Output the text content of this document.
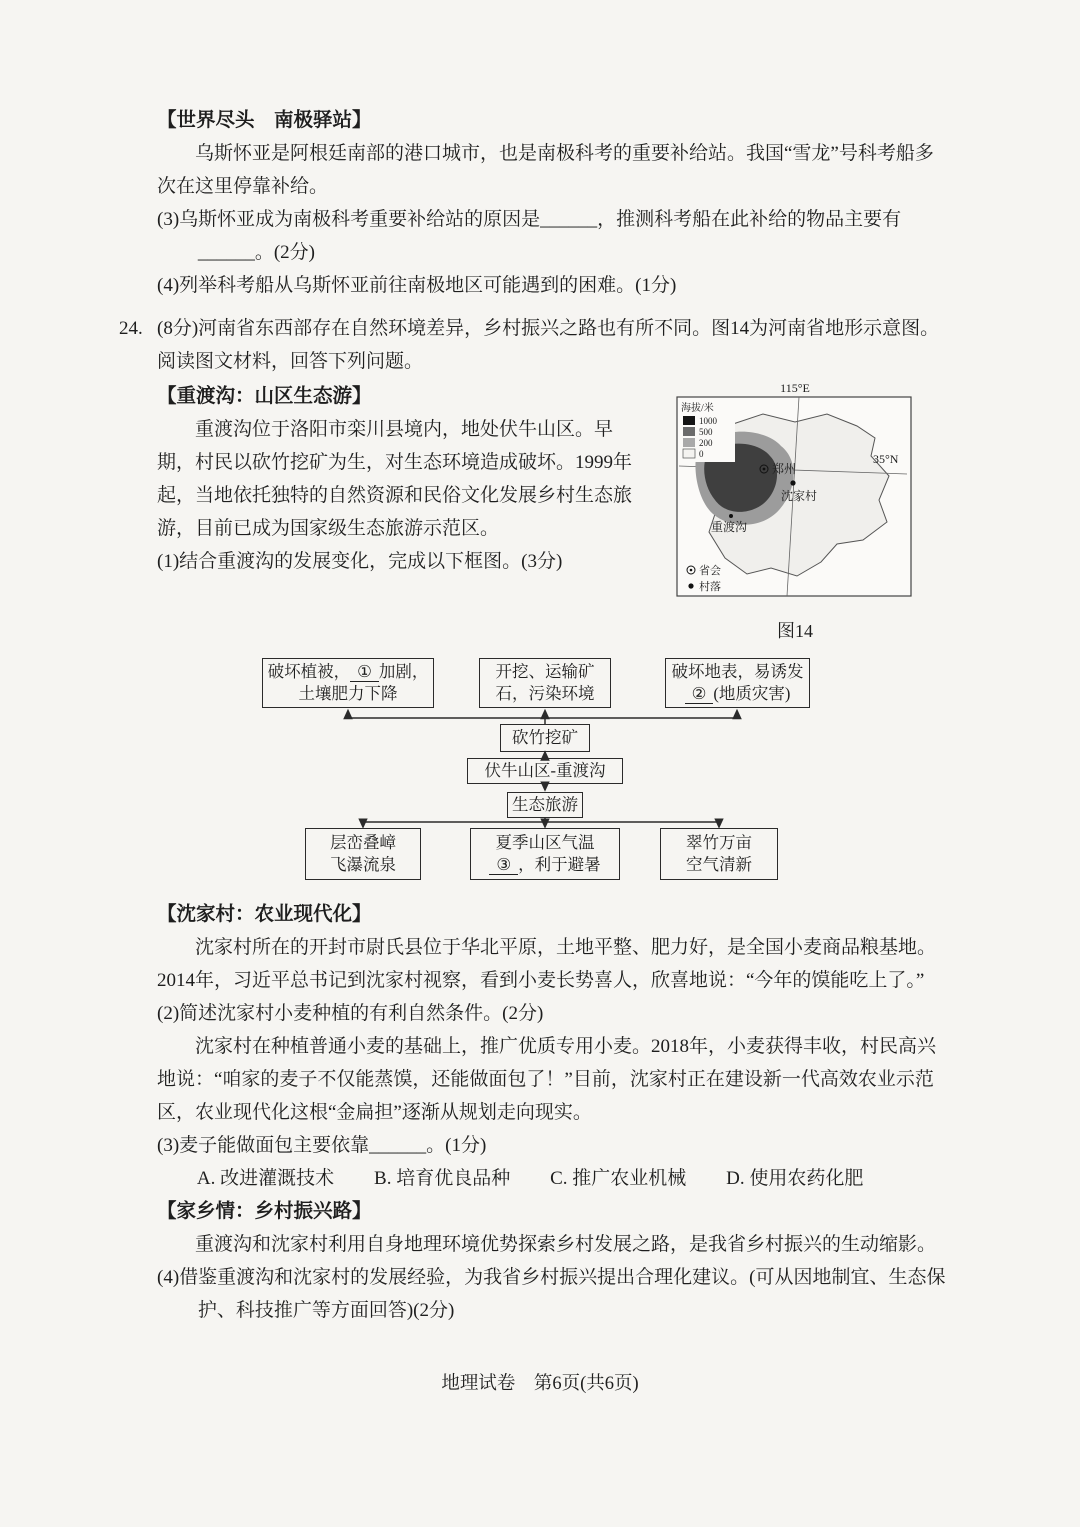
【世界尽头　南极驿站】

乌斯怀亚是阿根廷南部的港口城市，也是南极科考的重要补给站。我国“雪龙”号科考船多次在这里停靠补给。

(3)乌斯怀亚成为南极科考重要补给站的原因是______，推测科考船在此补给的物品主要有______。(2分)

(4)列举科考船从乌斯怀亚前往南极地区可能遇到的困难。(1分)

24. (8分)河南省东西部存在自然环境差异，乡村振兴之路也有所不同。图14为河南省地形示意图。阅读图文材料，回答下列问题。

【重渡沟：山区生态游】

重渡沟位于洛阳市栾川县境内，地处伏牛山区。早期，村民以砍竹挖矿为生，对生态环境造成破坏。1999年起，当地依托独特的自然资源和民俗文化发展乡村生态旅游，目前已成为国家级生态旅游示范区。

(1)结合重渡沟的发展变化，完成以下框图。(3分)

115°E
35°N
海拔/米
1000
500
200
0
郑州
沈家村
重渡沟
省会
村落
图14
破坏植被， ① 加剧，土壤肥力下降
开挖、运输矿石，污染环境
破坏地表，易诱发② (地质灾害)
砍竹挖矿
伏牛山区-重渡沟
生态旅游
层峦叠嶂
飞瀑流泉
夏季山区气温③ ，利于避暑
翠竹万亩
空气清新
【沈家村：农业现代化】

沈家村所在的开封市尉氏县位于华北平原，土地平整、肥力好，是全国小麦商品粮基地。2014年，习近平总书记到沈家村视察，看到小麦长势喜人，欣喜地说：“今年的馍能吃上了。”

(2)简述沈家村小麦种植的有利自然条件。(2分)

沈家村在种植普通小麦的基础上，推广优质专用小麦。2018年，小麦获得丰收，村民高兴地说：“咱家的麦子不仅能蒸馍，还能做面包了！”目前，沈家村正在建设新一代高效农业示范区，农业现代化这根“金扁担”逐渐从规划走向现实。

(3)麦子能做面包主要依靠______。(1分)

A. 改进灌溉技术 B. 培育优良品种 C. 推广农业机械 D. 使用农药化肥
【家乡情：乡村振兴路】

重渡沟和沈家村利用自身地理环境优势探索乡村发展之路，是我省乡村振兴的生动缩影。

(4)借鉴重渡沟和沈家村的发展经验，为我省乡村振兴提出合理化建议。(可从因地制宜、生态保护、科技推广等方面回答)(2分)

地理试卷　第6页(共6页)
